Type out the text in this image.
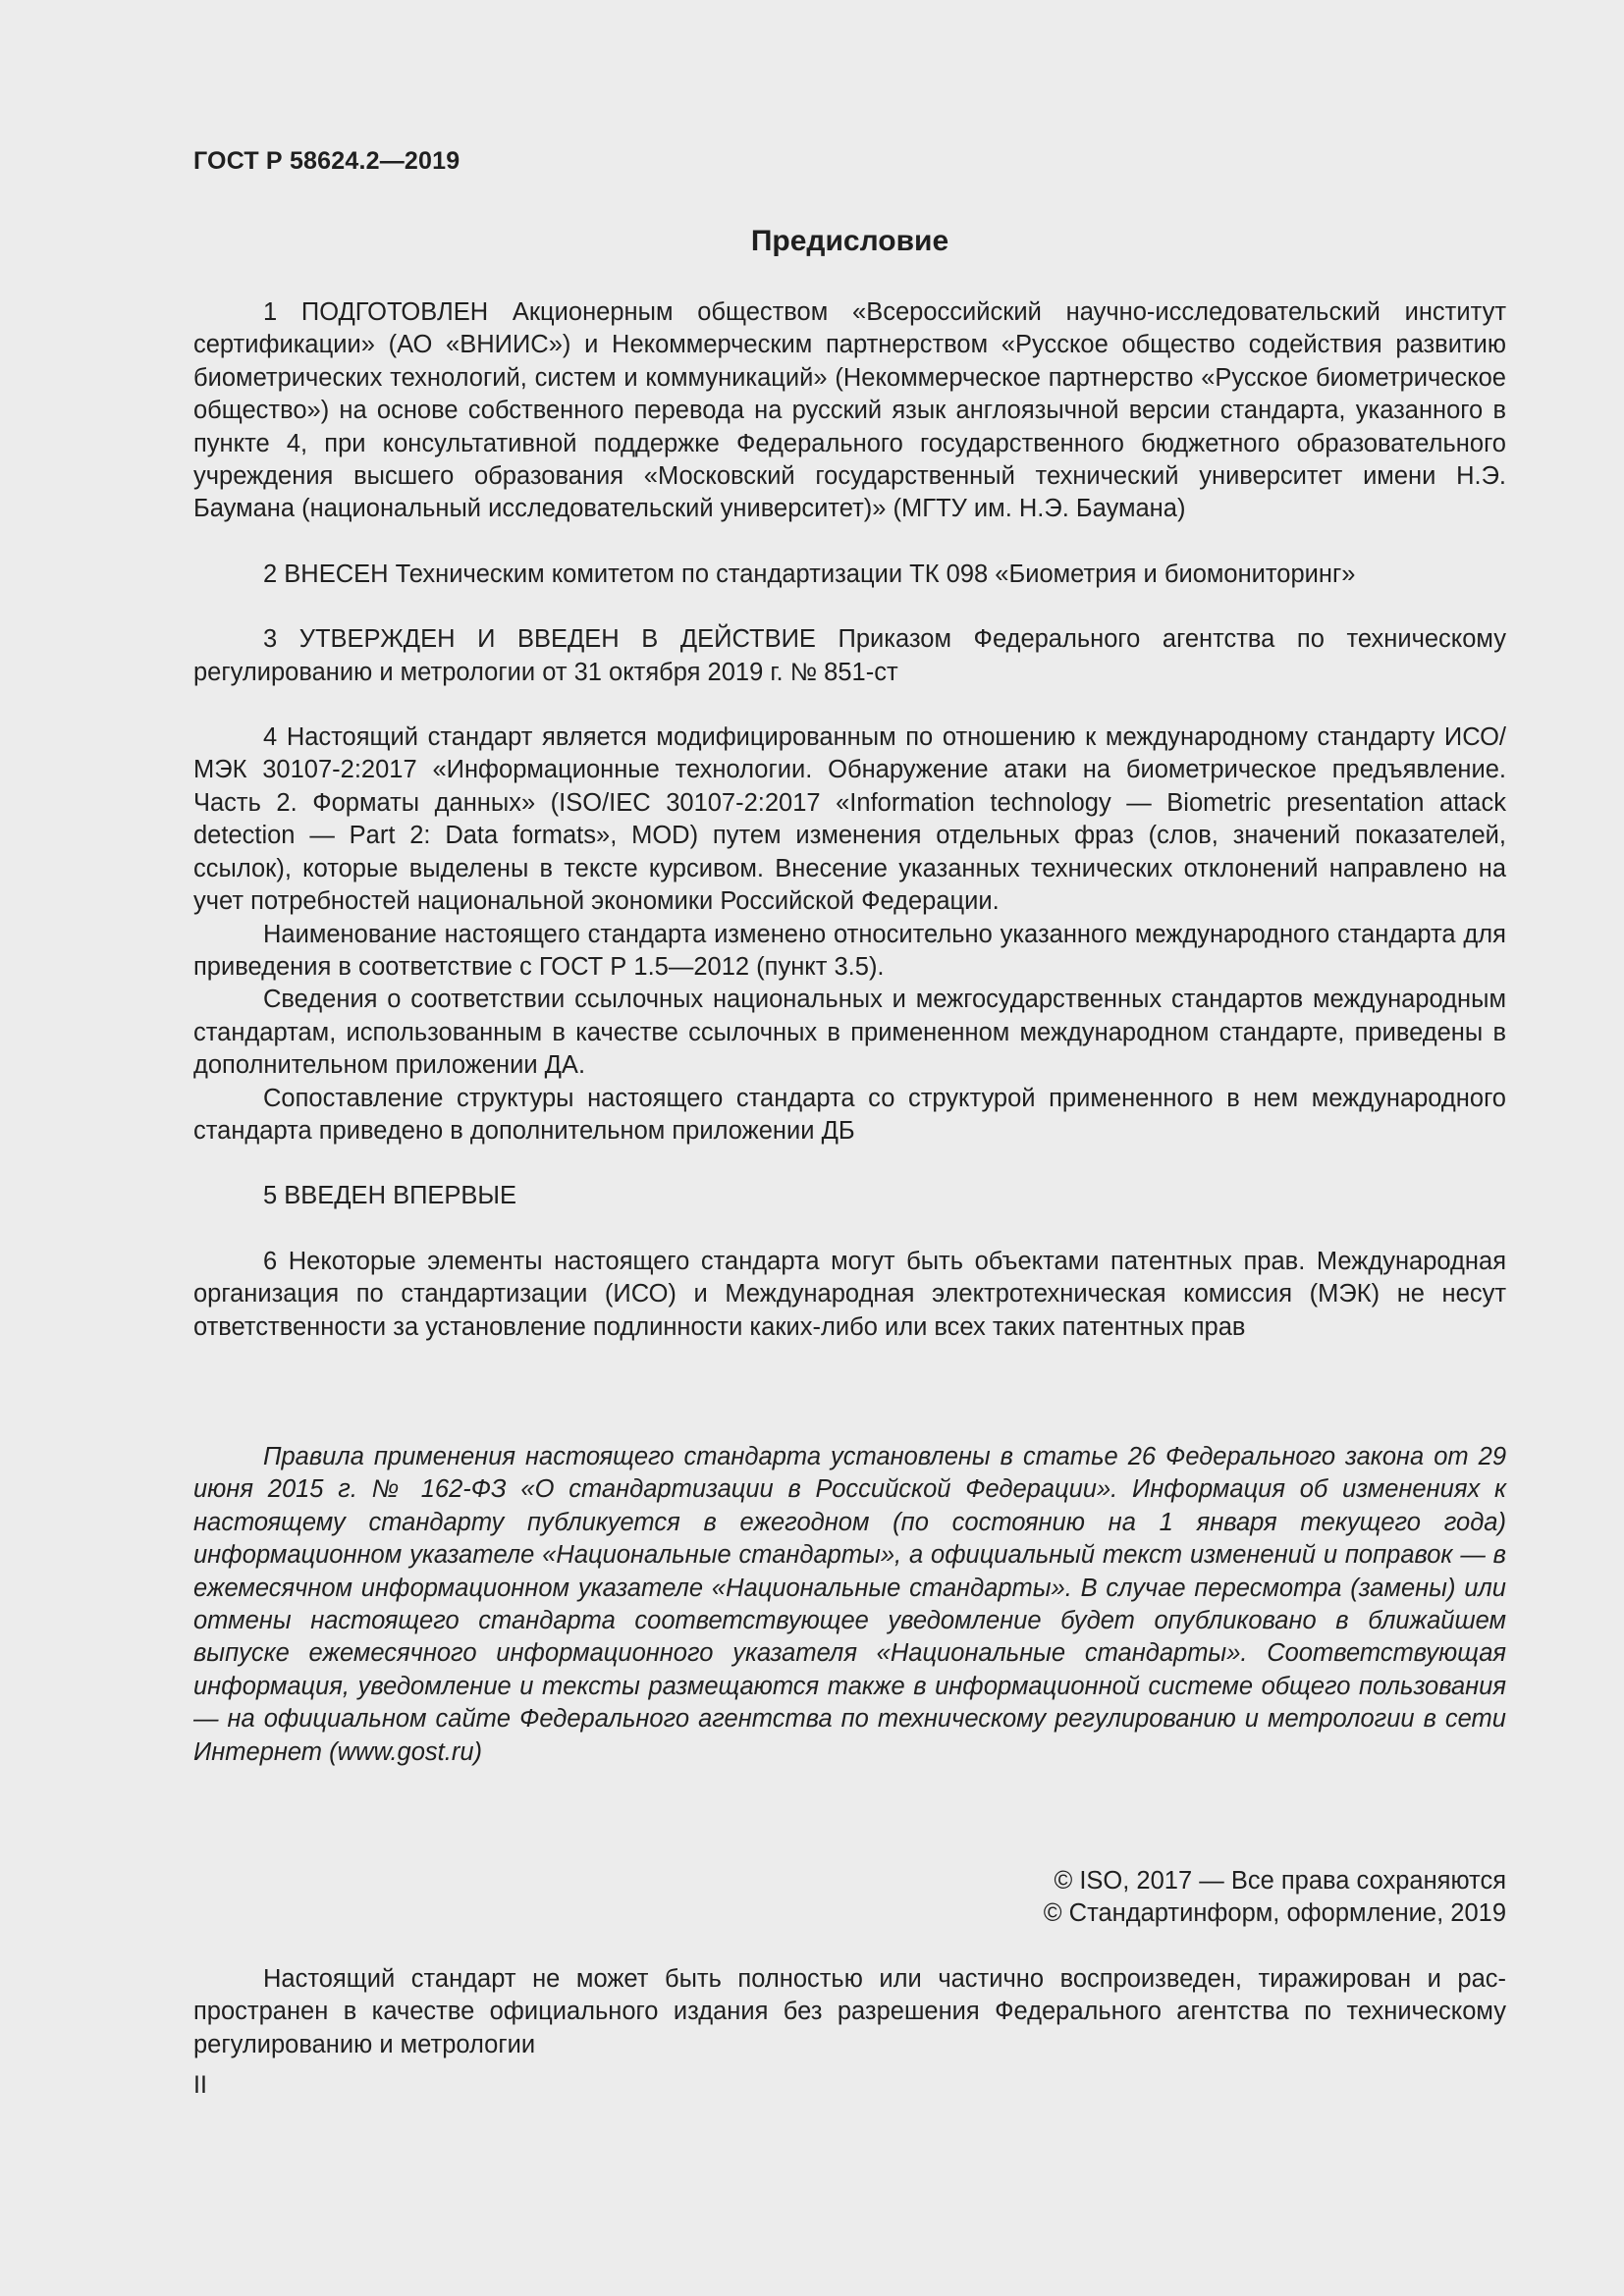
ГОСТ Р 58624.2—2019
Предисловие

1 ПОДГОТОВЛЕН Акционерным обществом «Всероссийский научно-исследовательский институт сертификации» (АО «ВНИИС») и Некоммерческим партнерством «Русское общество содействия развитию биометрических технологий, систем и коммуникаций» (Некоммерческое партнерство «Русское биометрическое общество») на основе собственного перевода на русский язык англоязычной версии стандарта, указанного в пункте 4, при консультативной поддержке Федерального государственного бюджетного образовательного учреждения высшего образования «Московский государственный технический университет имени Н.Э. Баумана (национальный исследовательский университет)» (МГТУ им. Н.Э. Баумана)

2 ВНЕСЕН Техническим комитетом по стандартизации ТК 098 «Биометрия и биомониторинг»

3 УТВЕРЖДЕН И ВВЕДЕН В ДЕЙСТВИЕ Приказом Федерального агентства по техническому регулированию и метрологии от 31 октября 2019 г. № 851-ст

4 Настоящий стандарт является модифицированным по отношению к международному стандарту ИСО/МЭК 30107-2:2017 «Информационные технологии. Обнаружение атаки на биометрическое предъявление. Часть 2. Форматы данных» (ISO/IEC 30107-2:2017 «Information technology — Biometric presentation attack detection — Part 2: Data formats», MOD) путем изменения отдельных фраз (слов, значений показателей, ссылок), которые выделены в тексте курсивом. Внесение указанных технических отклонений направлено на учет потребностей национальной экономики Российской Федерации.

Наименование настоящего стандарта изменено относительно указанного международного стандарта для приведения в соответствие с ГОСТ Р 1.5—2012 (пункт 3.5).

Сведения о соответствии ссылочных национальных и межгосударственных стандартов международным стандартам, использованным в качестве ссылочных в примененном международном стандарте, приведены в дополнительном приложении ДА.

Сопоставление структуры настоящего стандарта со структурой примененного в нем международного стандарта приведено в дополнительном приложении ДБ

5 ВВЕДЕН ВПЕРВЫЕ

6 Некоторые элементы настоящего стандарта могут быть объектами патентных прав. Международная организация по стандартизации (ИСО) и Международная электротехническая комиссия (МЭК) не несут ответственности за установление подлинности каких-либо или всех таких патентных прав

Правила применения настоящего стандарта установлены в статье 26 Федерального закона от 29 июня 2015 г. № 162-ФЗ «О стандартизации в Российской Федерации». Информация об изменениях к настоящему стандарту публикуется в ежегодном (по состоянию на 1 января текущего года) информационном указателе «Национальные стандарты», а официальный текст изменений и поправок — в ежемесячном информационном указателе «Национальные стандарты». В случае пересмотра (замены) или отмены настоящего стандарта соответствующее уведомление будет опубликовано в ближайшем выпуске ежемесячного информационного указателя «Национальные стандарты». Соответствующая информация, уведомление и тексты размещаются также в информационной системе общего пользования — на официальном сайте Федерального агентства по техническому регулированию и метрологии в сети Интернет (www.gost.ru)

© ISO, 2017 — Все права сохраняются
© Стандартинформ, оформление, 2019

Настоящий стандарт не может быть полностью или частично воспроизведен, тиражирован и распространен в качестве официального издания без разрешения Федерального агентства по техническому регулированию и метрологии

II
